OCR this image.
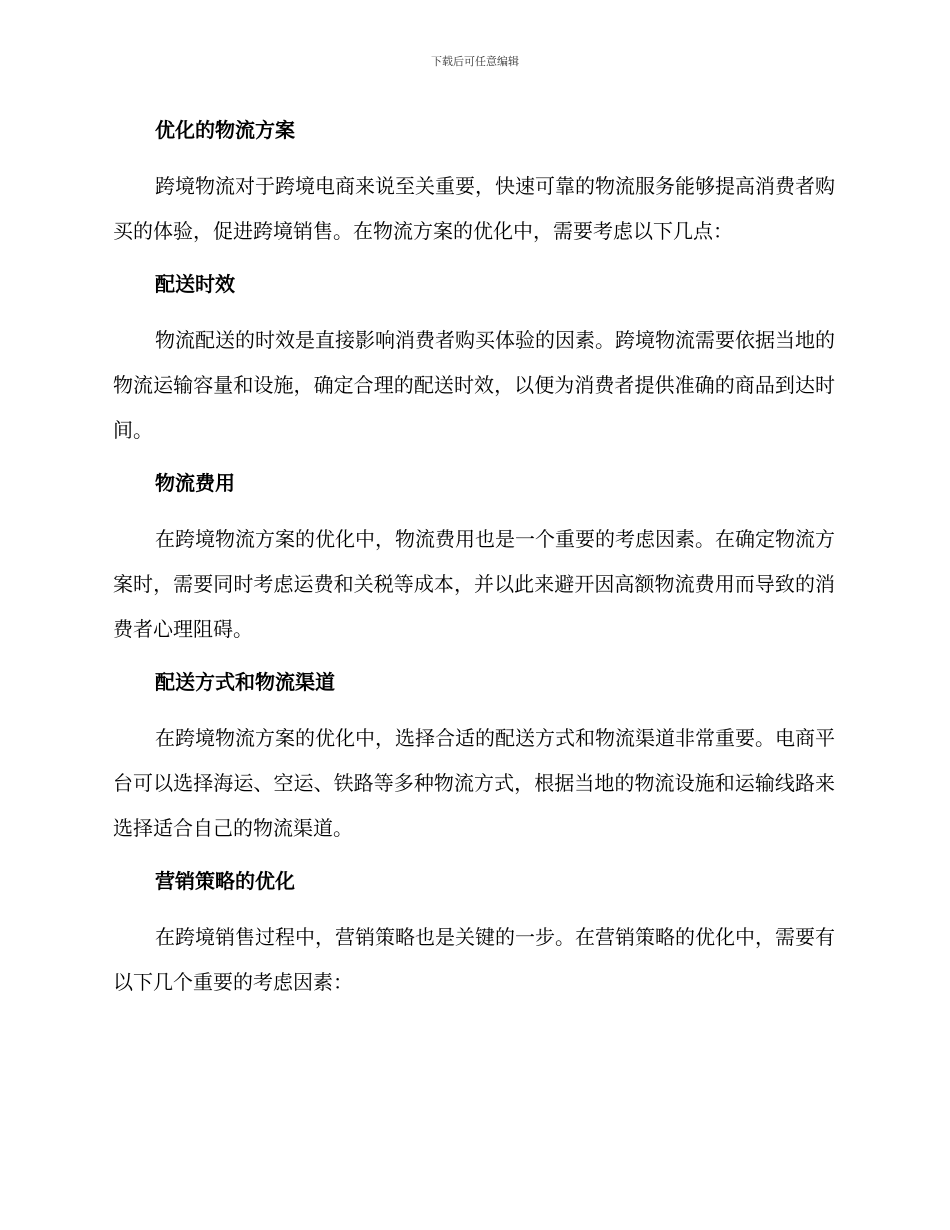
下载后可任意编辑
优化的物流方案
跨境物流对于跨境电商来说至关重要，快速可靠的物流服务能够提高消费者购买的体验，促进跨境销售。在物流方案的优化中，需要考虑以下几点：
配送时效
物流配送的时效是直接影响消费者购买体验的因素。跨境物流需要依据当地的物流运输容量和设施，确定合理的配送时效，以便为消费者提供准确的商品到达时间。
物流费用
在跨境物流方案的优化中，物流费用也是一个重要的考虑因素。在确定物流方案时，需要同时考虑运费和关税等成本，并以此来避开因高额物流费用而导致的消费者心理阻碍。
配送方式和物流渠道
在跨境物流方案的优化中，选择合适的配送方式和物流渠道非常重要。电商平台可以选择海运、空运、铁路等多种物流方式，根据当地的物流设施和运输线路来选择适合自己的物流渠道。
营销策略的优化
在跨境销售过程中，营销策略也是关键的一步。在营销策略的优化中，需要有以下几个重要的考虑因素：
